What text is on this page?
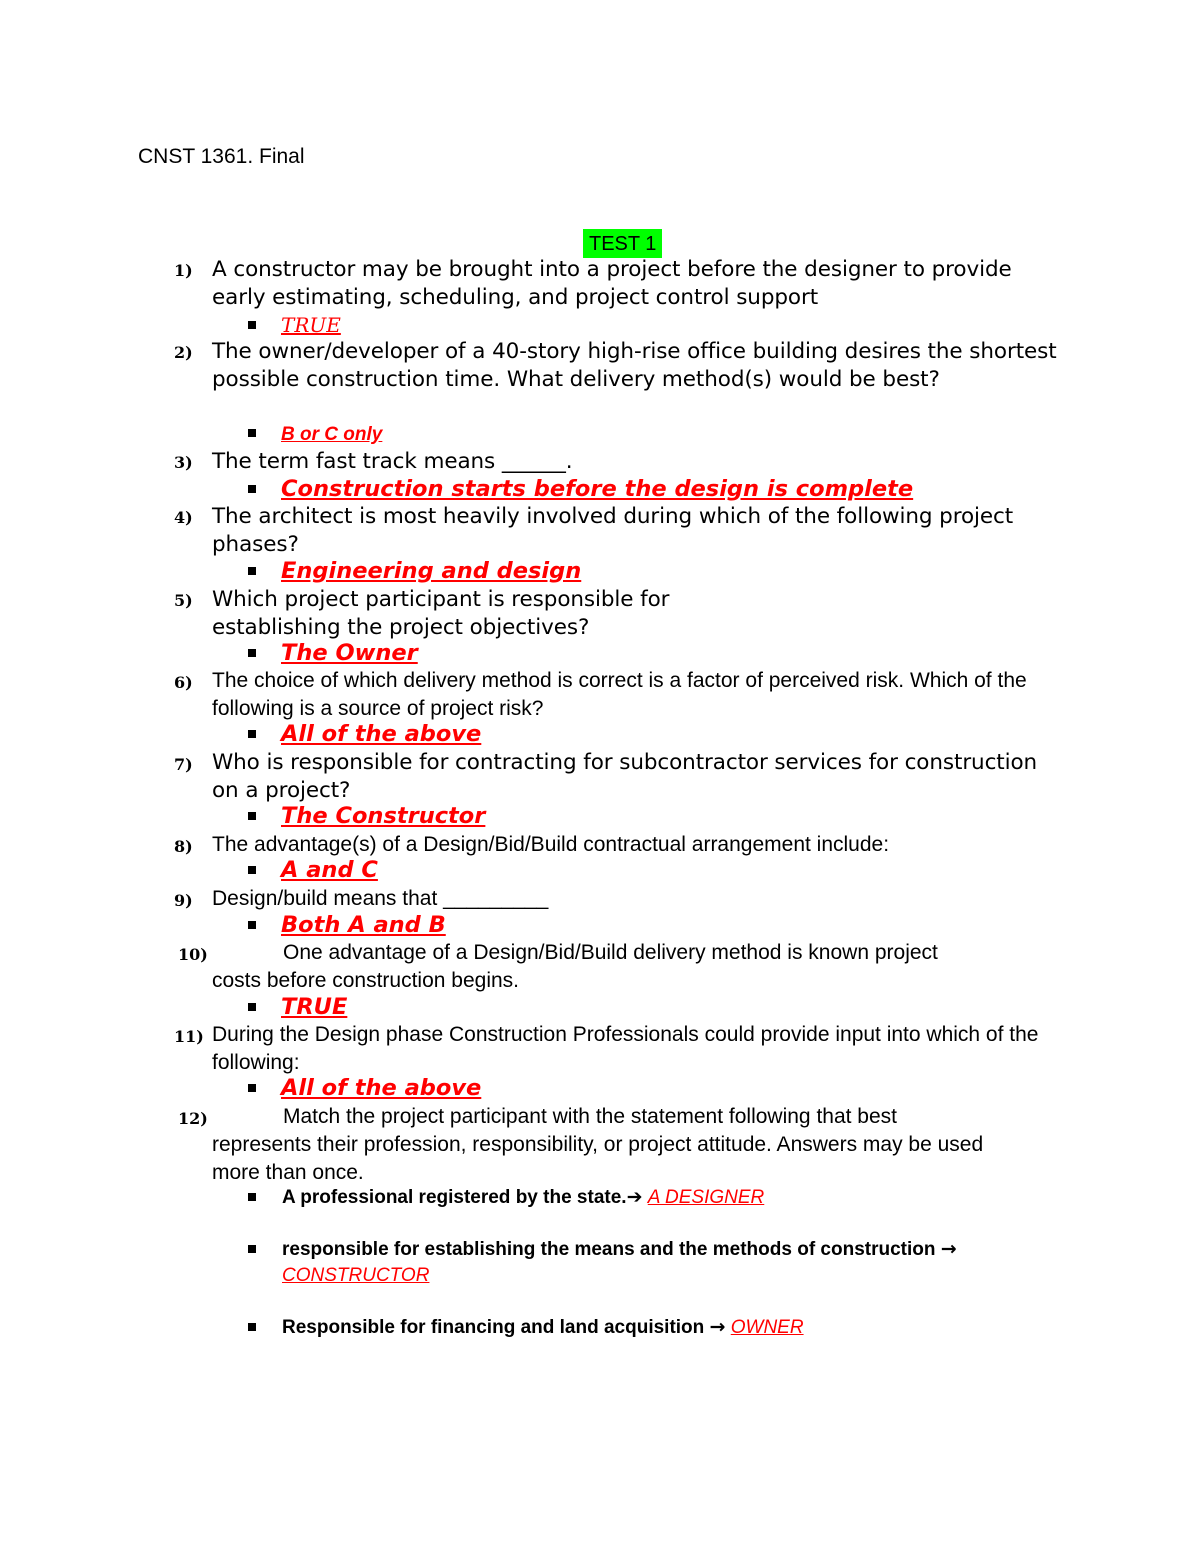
CNST 1361. Final
TEST 1
1) A constructor may be brought into a project before the designer to provide early estimating, scheduling, and project control support

TRUE
2) The owner/developer of a 40-story high-rise office building desires the shortest possible construction time. What delivery method(s) would be best?

B or C only
3) The term fast track means ______.

Construction starts before the design is complete
4) The architect is most heavily involved during which of the following project phases?

Engineering and design
5) Which project participant is responsible for
establishing the project objectives?

The Owner
6) The choice of which delivery method is correct is a factor of perceived risk. Which of the following is a source of project risk?

All of the above
7) Who is responsible for contracting for subcontractor services for construction on a project?

The Constructor
8) The advantage(s) of a Design/Bid/Build contractual arrangement include:

A and C
9) Design/build means that _________

Both A and B
10)	One advantage of a Design/Bid/Build delivery method is known project
costs before construction begins.

TRUE
11) During the Design phase Construction Professionals could provide input into which of the following:

All of the above
12)	Match the project participant with the statement following that best
represents their profession, responsibility, or project attitude. Answers may be used more than once.

A professional registered by the state.➔ A DESIGNER
responsible for establishing the means and the methods of construction →
CONSTRUCTOR
Responsible for financing and land acquisition → OWNER
